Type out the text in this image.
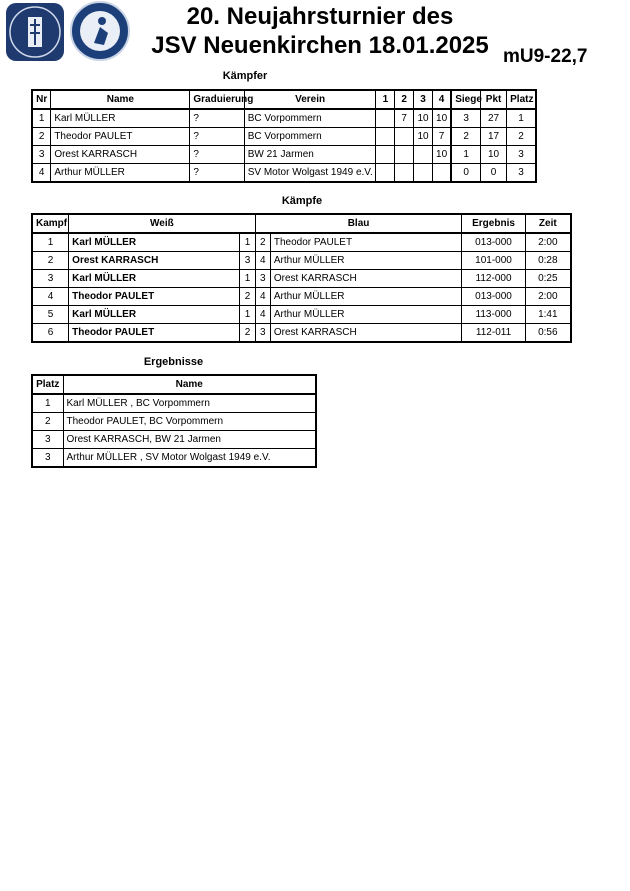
20. Neujahrsturnier des
JSV Neuenkirchen 18.01.2025 mU9-22,7
Kämpfer
Nr	Name	Graduierung	Verein	1	2	3	4	Siege	Pkt	Platz
1	Karl MÜLLER	?	BC Vorpommern		7	10	10	3	27	1
2	Theodor PAULET	?	BC Vorpommern			10	7	2	17	2
3	Orest KARRASCH	?	BW 21 Jarmen				10	1	10	3
4	Arthur MÜLLER	?	SV Motor Wolgast 1949 e.V.					0	0	3
Kämpfe
Kampf	Weiß		Blau		Ergebnis	Zeit
1	Karl MÜLLER	1	2	Theodor PAULET	013-000	2:00
2	Orest KARRASCH	3	4	Arthur MÜLLER	101-000	0:28
3	Karl MÜLLER	1	3	Orest KARRASCH	112-000	0:25
4	Theodor PAULET	2	4	Arthur MÜLLER	013-000	2:00
5	Karl MÜLLER	1	4	Arthur MÜLLER	113-000	1:41
6	Theodor PAULET	2	3	Orest KARRASCH	112-011	0:56
Ergebnisse
Platz	Name
1	Karl MÜLLER , BC Vorpommern
2	Theodor PAULET, BC Vorpommern
3	Orest KARRASCH, BW 21 Jarmen
3	Arthur MÜLLER , SV Motor Wolgast 1949 e.V.
